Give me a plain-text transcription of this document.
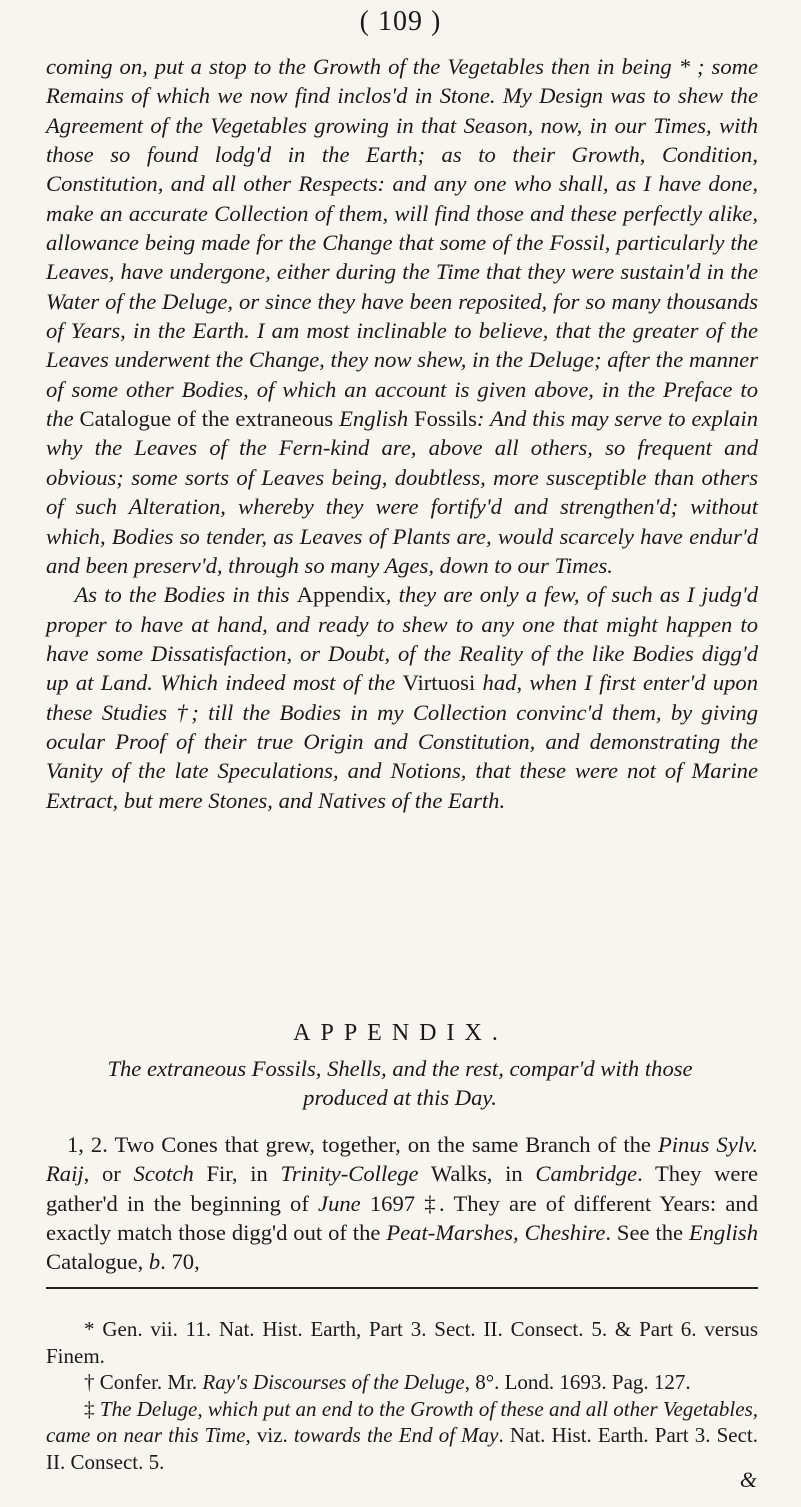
( 109 )

coming on, put a stop to the Growth of the Vegetables then in being * ; some Remains of which we now find inclos'd in Stone. My Design was to shew the Agreement of the Vegetables growing in that Season, now, in our Times, with those so found lodg'd in the Earth; as to their Growth, Condition, Constitution, and all other Respects: and any one who shall, as I have done, make an accurate Collection of them, will find those and these perfectly alike, allowance being made for the Change that some of the Fossil, particularly the Leaves, have undergone, either during the Time that they were sustain'd in the Water of the Deluge, or since they have been reposited, for so many thousands of Years, in the Earth. I am most inclinable to believe, that the greater of the Leaves underwent the Change, they now shew, in the Deluge; after the manner of some other Bodies, of which an account is given above, in the Preface to the Catalogue of the extraneous English Fossils: And this may serve to explain why the Leaves of the Fern-kind are, above all others, so frequent and obvious; some sorts of Leaves being, doubtless, more susceptible than others of such Alteration, whereby they were fortify'd and strengthen'd; without which, Bodies so tender, as Leaves of Plants are, would scarcely have endur'd and been preserv'd, through so many Ages, down to our Times.

As to the Bodies in this Appendix, they are only a few, of such as I judg'd proper to have at hand, and ready to shew to any one that might happen to have some Dissatisfaction, or Doubt, of the Reality of the like Bodies digg'd up at Land. Which indeed most of the Virtuosi had, when I first enter'd upon these Studies †; till the Bodies in my Collection convinc'd them, by giving ocular Proof of their true Origin and Constitution, and demonstrating the Vanity of the late Speculations, and Notions, that these were not of Marine Extract, but mere Stones, and Natives of the Earth.

APPENDIX.
The extraneous Fossils, Shells, and the rest, compar'd with those produced at this Day.
1, 2. Two Cones that grew, together, on the same Branch of the Pinus Sylv. Raij, or Scotch Fir, in Trinity-College Walks, in Cambridge. They were gather'd in the beginning of June 1697 ‡. They are of different Years: and exactly match those digg'd out of the Peat-Marshes, Cheshire. See the English Catalogue, b. 70,

* Gen. vii. 11. Nat. Hist. Earth, Part 3. Sect. II. Consect. 5. & Part 6. versus Finem.

† Confer. Mr. Ray's Discourses of the Deluge, 8°. Lond. 1693. Pag. 127.

‡ The Deluge, which put an end to the Growth of these and all other Vegetables, came on near this Time, viz. towards the End of May. Nat. Hist. Earth. Part 3. Sect. II. Consect. 5.

&
